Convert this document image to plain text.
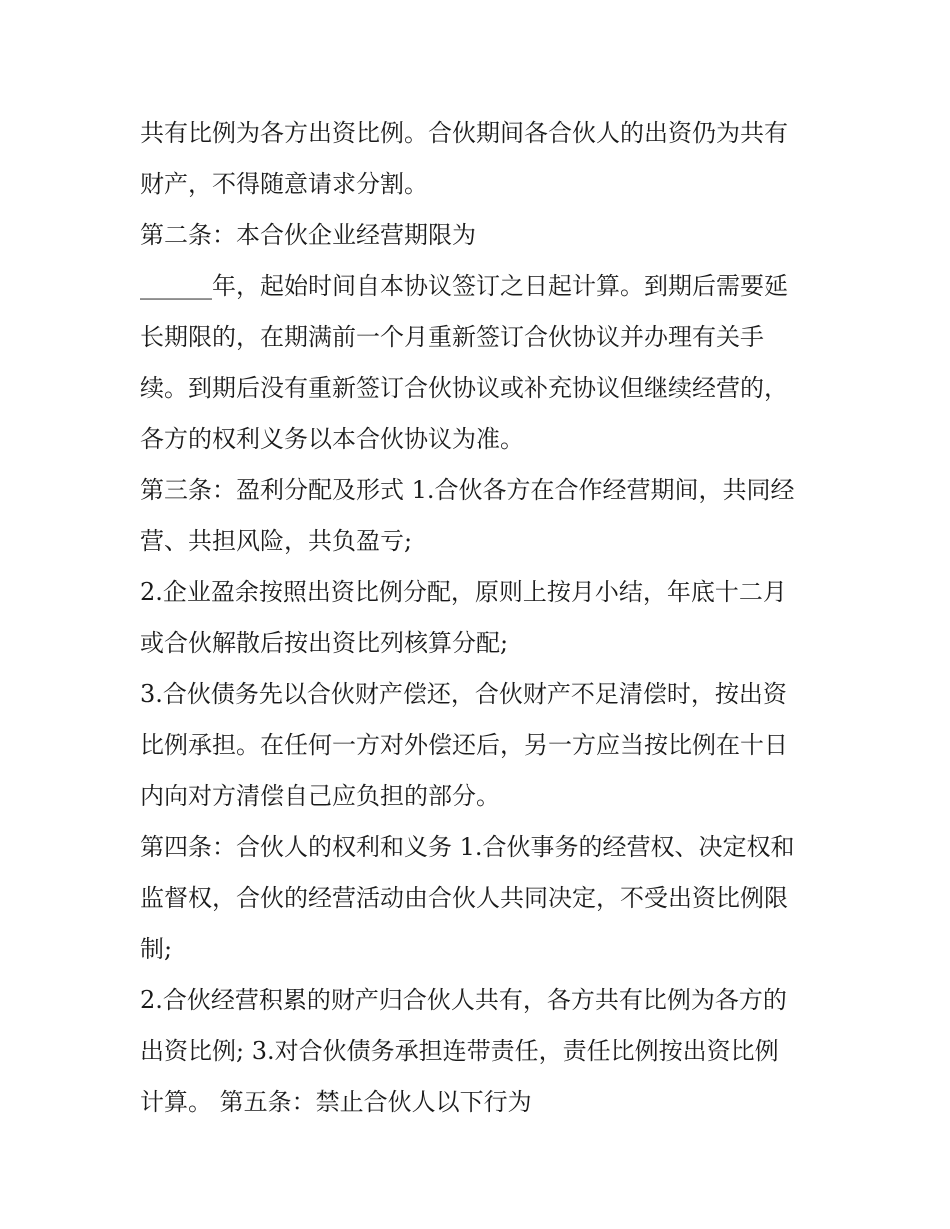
共有比例为各方出资比例。合伙期间各合伙人的出资仍为共有
财产，不得随意请求分割。
第二条：本合伙企业经营期限为
______年，起始时间自本协议签订之日起计算。到期后需要延
长期限的，在期满前一个月重新签订合伙协议并办理有关手
续。到期后没有重新签订合伙协议或补充协议但继续经营的，
各方的权利义务以本合伙协议为准。
第三条：盈利分配及形式 1.合伙各方在合作经营期间，共同经
营、共担风险，共负盈亏;
2.企业盈余按照出资比例分配，原则上按月小结，年底十二月
或合伙解散后按出资比列核算分配;
3.合伙债务先以合伙财产偿还，合伙财产不足清偿时，按出资
比例承担。在任何一方对外偿还后，另一方应当按比例在十日
内向对方清偿自己应负担的部分。
第四条：合伙人的权利和义务 1.合伙事务的经营权、决定权和
监督权，合伙的经营活动由合伙人共同决定，不受出资比例限
制;
2.合伙经营积累的财产归合伙人共有，各方共有比例为各方的
出资比例; 3.对合伙债务承担连带责任，责任比例按出资比例
计算。 第五条：禁止合伙人以下行为
